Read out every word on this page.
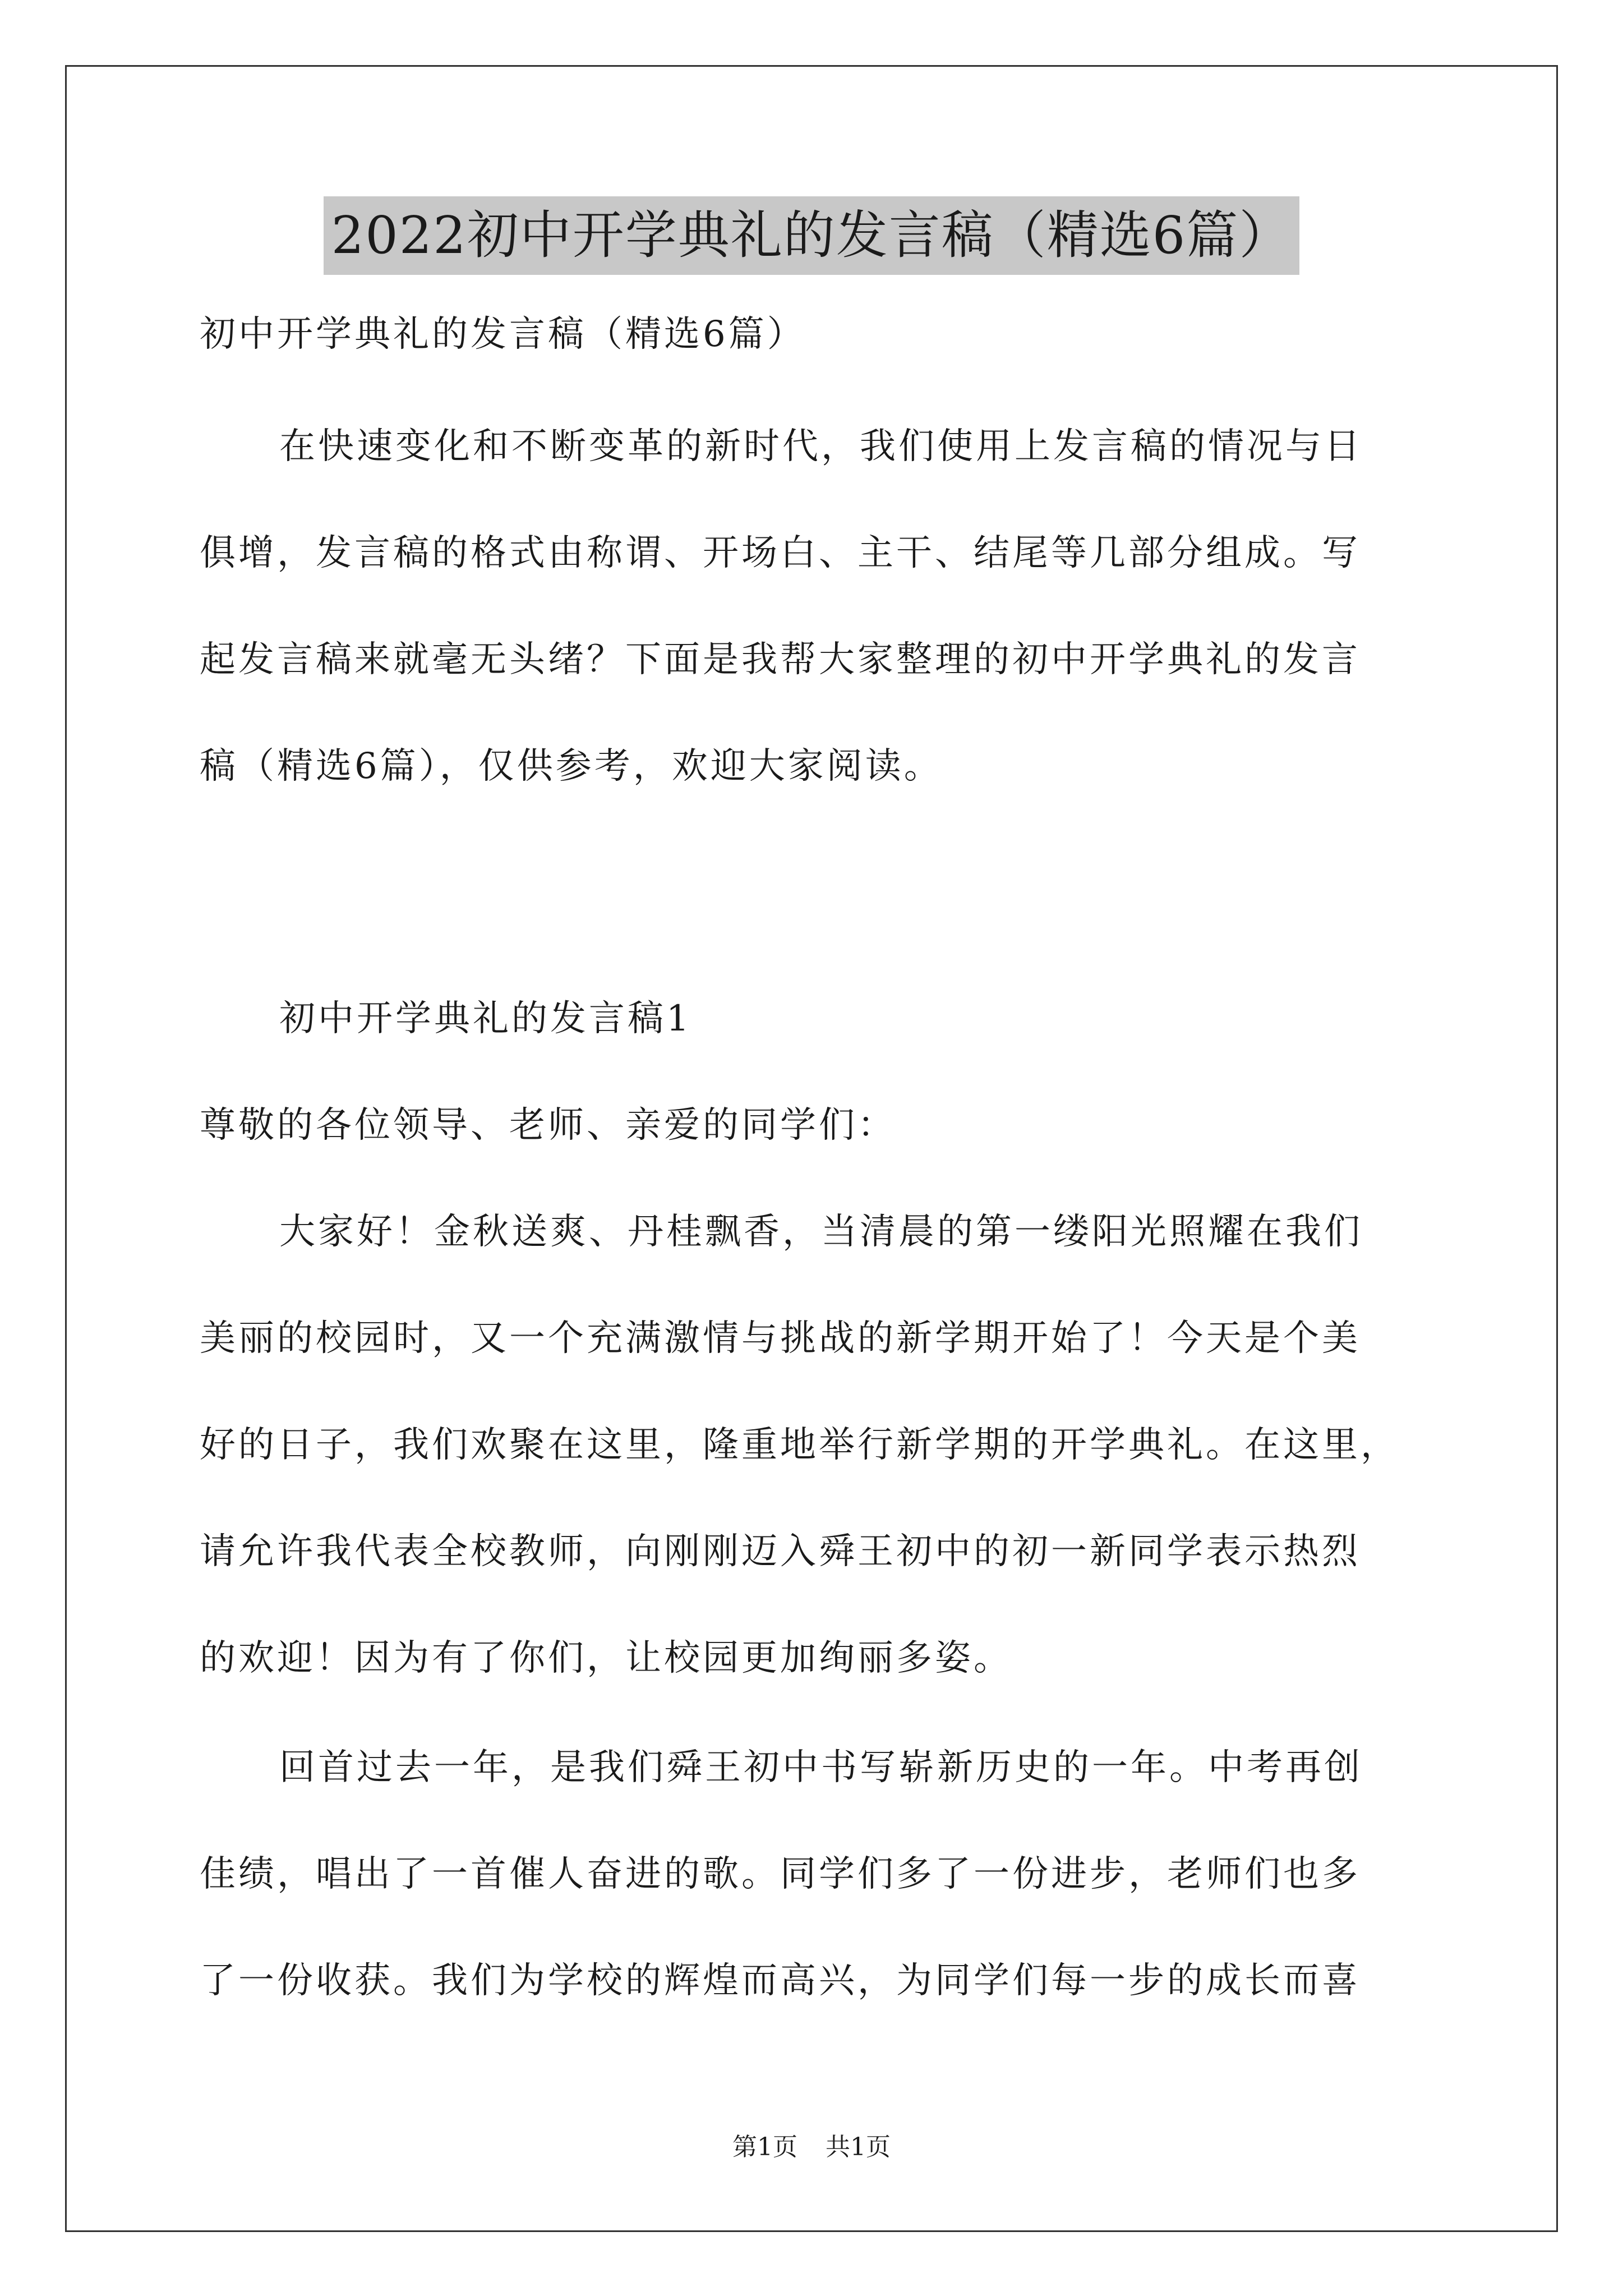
2022初中开学典礼的发言稿（精选6篇）

初中开学典礼的发言稿（精选6篇）

在快速变化和不断变革的新时代，我们使用上发言稿的情况与日

俱增，发言稿的格式由称谓、开场白、主干、结尾等几部分组成。写

起发言稿来就毫无头绪？下面是我帮大家整理的初中开学典礼的发言

稿（精选6篇），仅供参考，欢迎大家阅读。

初中开学典礼的发言稿1

尊敬的各位领导、老师、亲爱的同学们：

大家好！金秋送爽、丹桂飘香，当清晨的第一缕阳光照耀在我们

美丽的校园时，又一个充满激情与挑战的新学期开始了！今天是个美

好的日子，我们欢聚在这里，隆重地举行新学期的开学典礼。在这里，

请允许我代表全校教师，向刚刚迈入舜王初中的初一新同学表示热烈

的欢迎！因为有了你们，让校园更加绚丽多姿。

回首过去一年，是我们舜王初中书写崭新历史的一年。中考再创

佳绩，唱出了一首催人奋进的歌。同学们多了一份进步，老师们也多

了一份收获。我们为学校的辉煌而高兴，为同学们每一步的成长而喜

第1页 共1页
